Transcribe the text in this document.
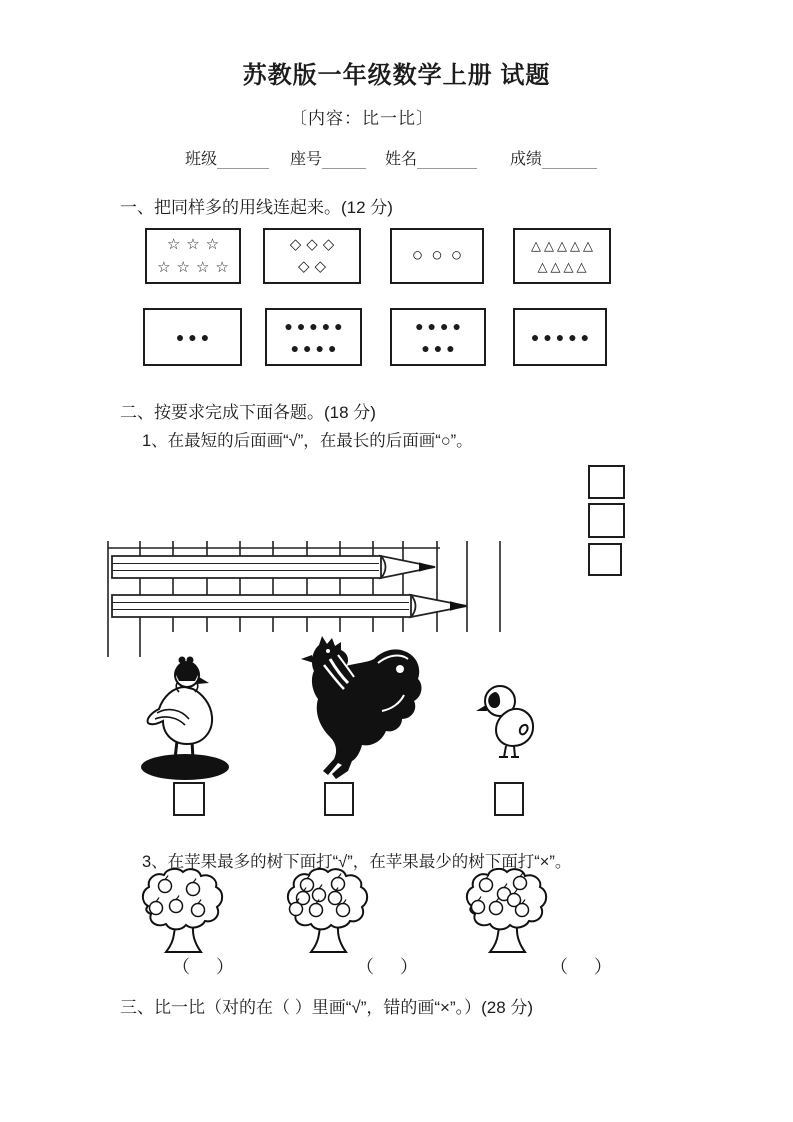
苏教版一年级数学上册 试题
〔内容：比一比〕
班级	座号	姓名	成绩
一、把同样多的用线连起来。(12 分)
☆☆☆
☆☆☆☆
◇◇◇
◇◇
○○○	△△△△△
△△△△
●●●
●●●●●
●●●●
●●●●
●●●
●●●●●
二、按要求完成下面各题。(18 分)
1、在最短的后面画“√”，在最长的后面画“○”。
3、在苹果最多的树下面打“√”，在苹果最少的树下面打“×”。
（　）	（　）	（　）
三、比一比（对的在（ ）里画“√”，错的画“×”。）(28 分)
